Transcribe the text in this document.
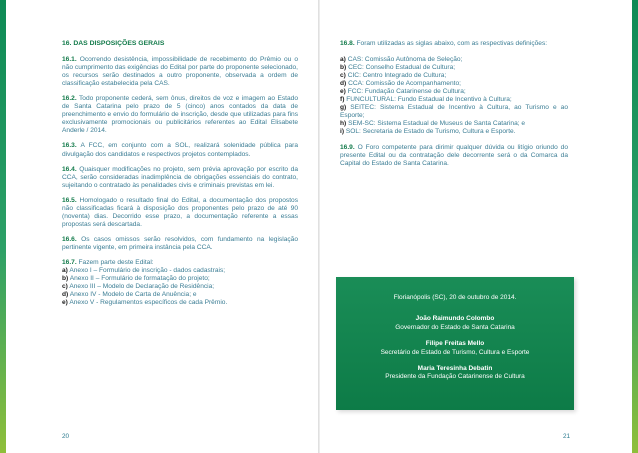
16. DAS DISPOSIÇÕES GERAIS

16.1. Ocorrendo desistência, impossibilidade de recebimento do Prêmio ou o não cumprimento das exigências do Edital por parte do proponente selecionado, os recursos serão destinados a outro proponente, observada a ordem de classificação estabelecida pela CAS.

16.2. Todo proponente cederá, sem ônus, direitos de voz e imagem ao Estado de Santa Catarina pelo prazo de 5 (cinco) anos contados da data de preenchimento e envio do formulário de inscrição, desde que utilizadas para fins exclusivamente promocionais ou publicitários referentes ao Edital Elisabete Anderle / 2014.

16.3. A FCC, em conjunto com a SOL, realizará solenidade pública para divulgação dos candidatos e respectivos projetos contemplados.

16.4. Quaisquer modificações no projeto, sem prévia aprovação por escrito da CCA, serão consideradas inadimplência de obrigações essenciais do contrato, sujeitando o contratado às penalidades civis e criminais previstas em lei.

16.5. Homologado o resultado final do Edital, a documentação dos propostos não classificadas ficará à disposição dos proponentes pelo prazo de até 90 (noventa) dias. Decorrido esse prazo, a documentação referente a essas propostas será descartada.

16.6. Os casos omissos serão resolvidos, com fundamento na legislação pertinente vigente, em primeira instância pela CCA.

16.7. Fazem parte deste Edital:
a) Anexo I – Formulário de inscrição - dados cadastrais;
b) Anexo II – Formulário de formatação do projeto;
c) Anexo III – Modelo de Declaração de Residência;
d) Anexo IV - Modelo de Carta de Anuência; e
e) Anexo V - Regulamentos específicos de cada Prêmio.

16.8. Foram utilizadas as siglas abaixo, com as respectivas definições:

a) CAS: Comissão Autônoma de Seleção;
b) CEC: Conselho Estadual de Cultura;
c) CIC: Centro Integrado de Cultura;
d) CCA: Comissão de Acompanhamento;
e) FCC: Fundação Catarinense de Cultura;
f) FUNCULTURAL: Fundo Estadual de Incentivo à Cultura;
g) SEITEC: Sistema Estadual de Incentivo à Cultura, ao Turismo e ao Esporte;
h) SEM-SC: Sistema Estadual de Museus de Santa Catarina; e
i) SOL: Secretaria de Estado de Turismo, Cultura e Esporte.

16.9. O Foro competente para dirimir qualquer dúvida ou litígio oriundo do presente Edital ou da contratação dele decorrente será o da Comarca da Capital do Estado de Santa Catarina.

Florianópolis (SC), 20 de outubro de 2014.
João Raimundo Colombo
Governador do Estado de Santa Catarina
Filipe Freitas Mello
Secretário de Estado de Turismo, Cultura e Esporte
Maria Teresinha Debatin
Presidente da Fundação Catarinense de Cultura
20	21
